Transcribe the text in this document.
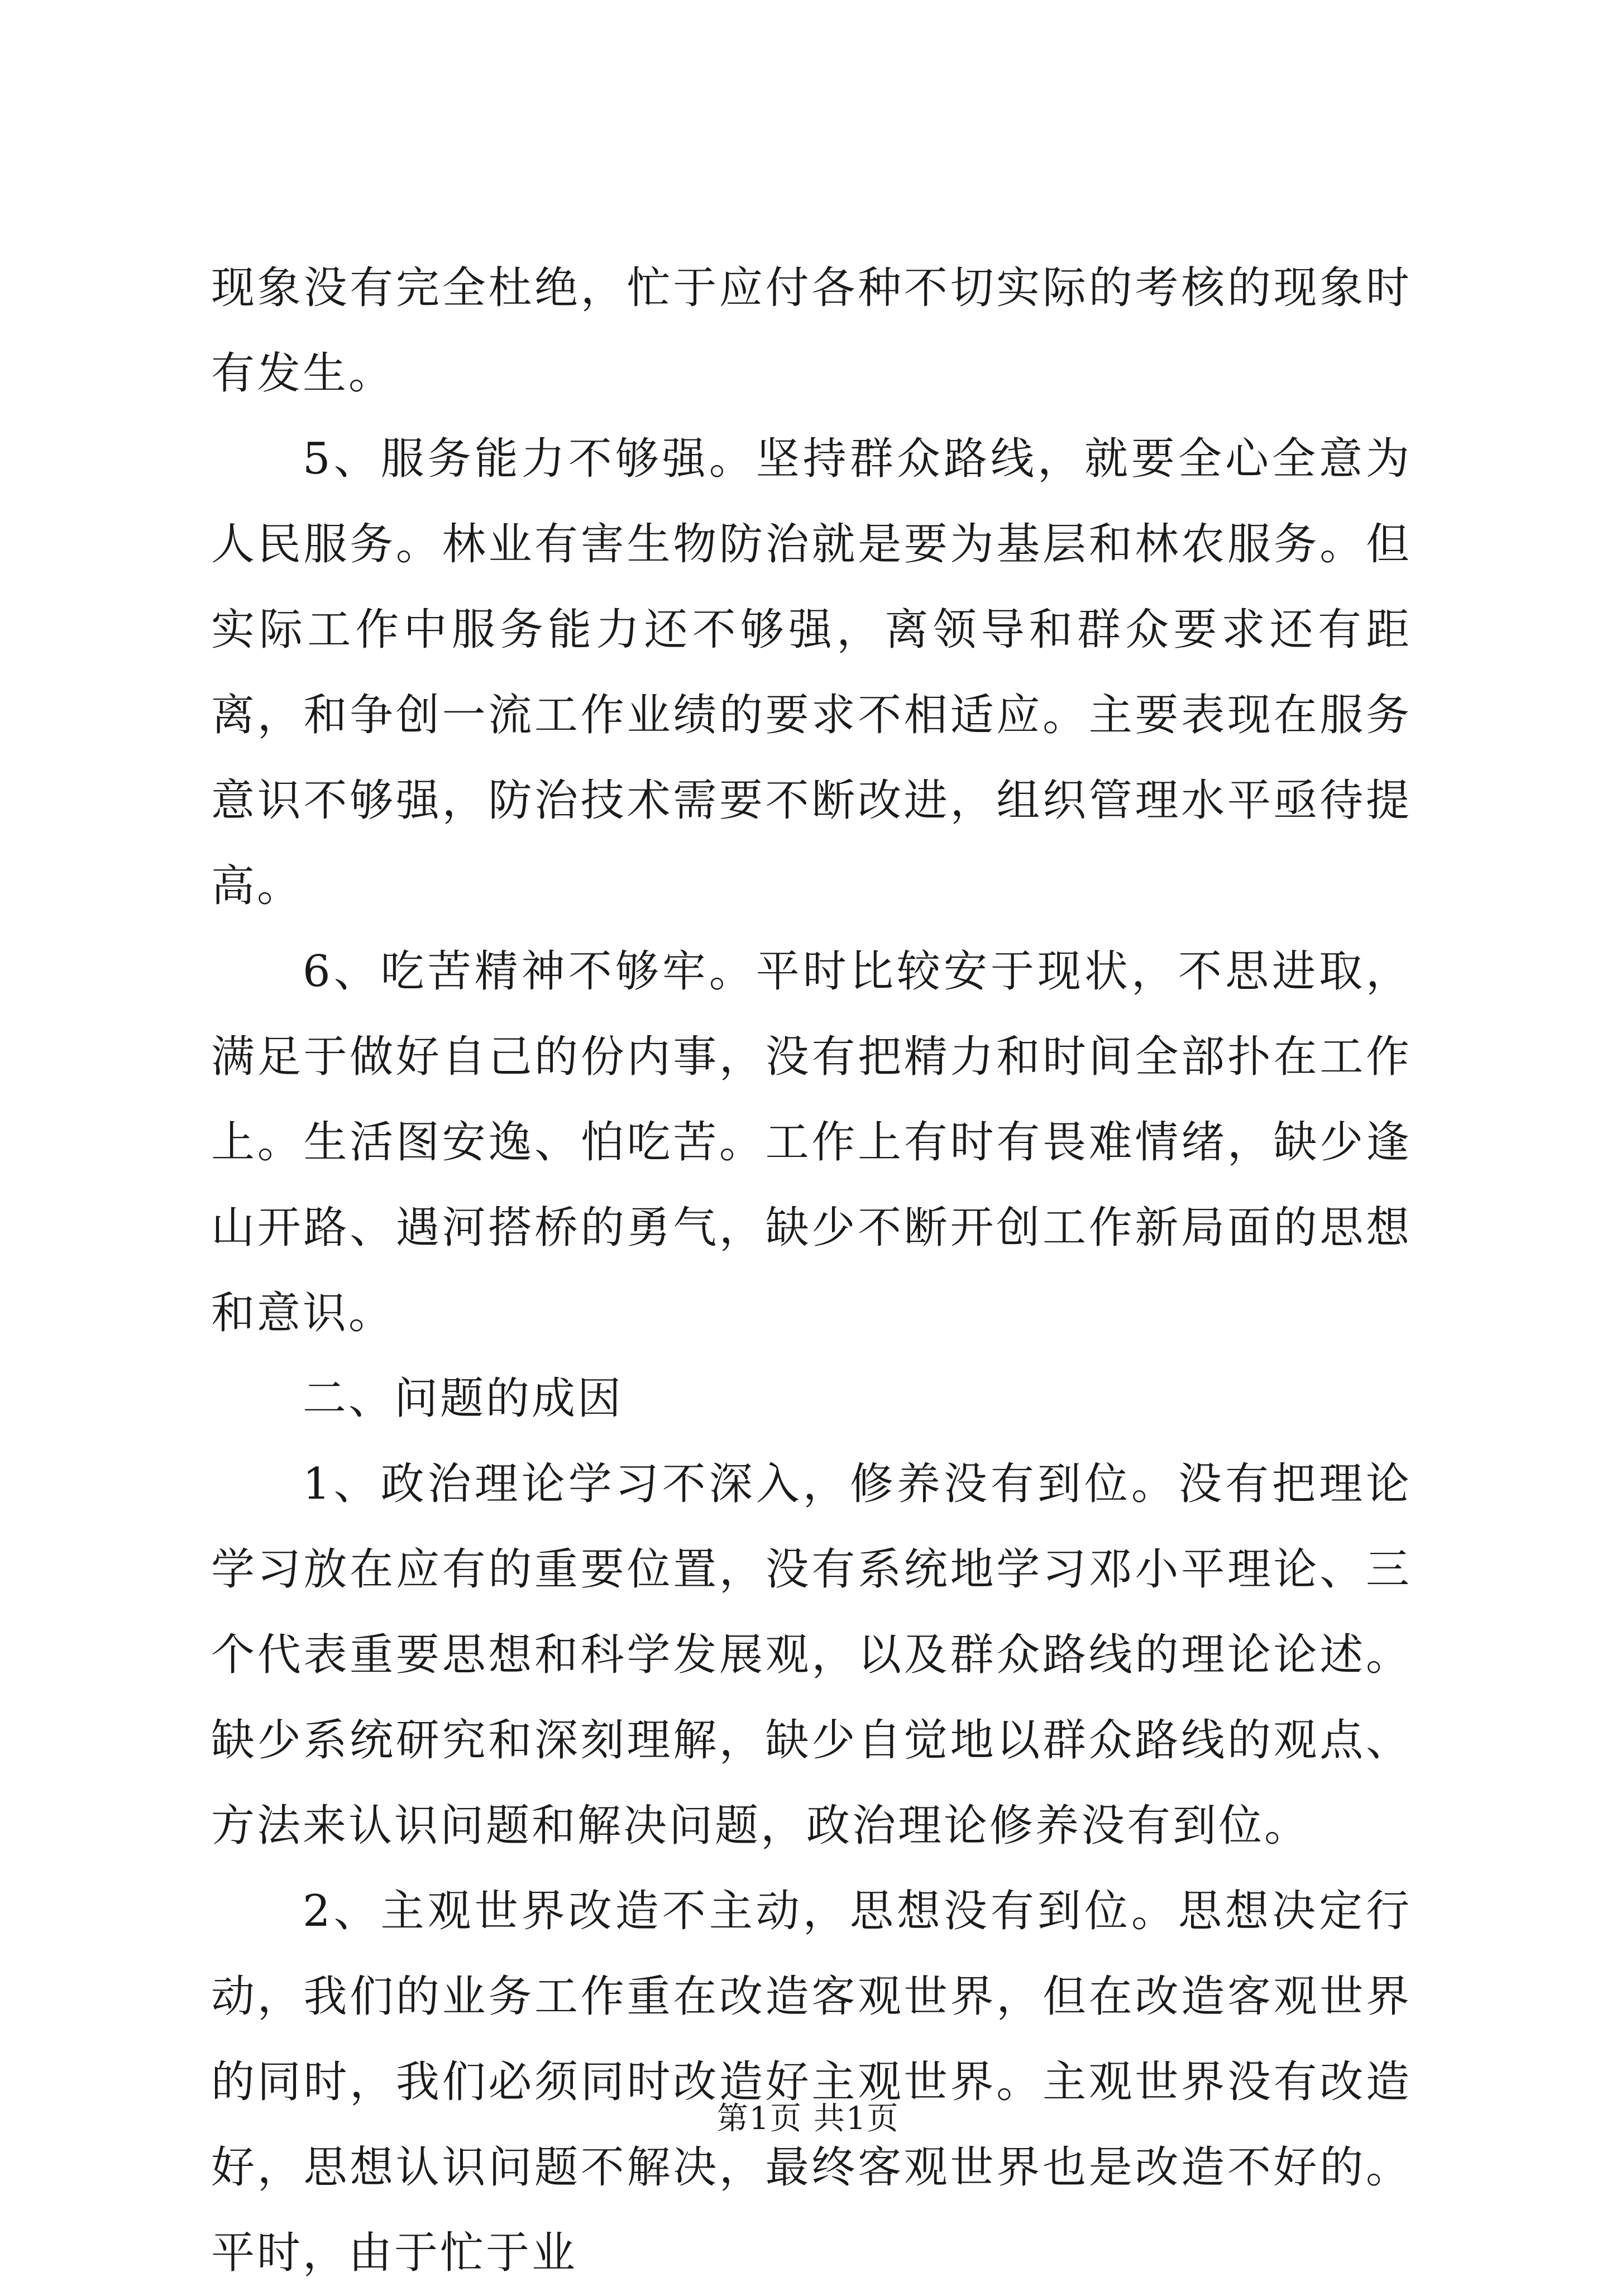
现象没有完全杜绝，忙于应付各种不切实际的考核的现象时有发生。

5、服务能力不够强。坚持群众路线，就要全心全意为人民服务。林业有害生物防治就是要为基层和林农服务。但实际工作中服务能力还不够强，离领导和群众要求还有距离，和争创一流工作业绩的要求不相适应。主要表现在服务意识不够强，防治技术需要不断改进，组织管理水平亟待提高。

6、吃苦精神不够牢。平时比较安于现状，不思进取，满足于做好自己的份内事，没有把精力和时间全部扑在工作上。生活图安逸、怕吃苦。工作上有时有畏难情绪，缺少逢山开路、遇河搭桥的勇气，缺少不断开创工作新局面的思想和意识。

二、问题的成因

1、政治理论学习不深入，修养没有到位。没有把理论学习放在应有的重要位置，没有系统地学习邓小平理论、三个代表重要思想和科学发展观，以及群众路线的理论论述。缺少系统研究和深刻理解，缺少自觉地以群众路线的观点、方法来认识问题和解决问题，政治理论修养没有到位。

2、主观世界改造不主动，思想没有到位。思想决定行动，我们的业务工作重在改造客观世界，但在改造客观世界的同时，我们必须同时改造好主观世界。主观世界没有改造好，思想认识问题不解决，最终客观世界也是改造不好的。平时，由于忙于业

第1页 共1页
